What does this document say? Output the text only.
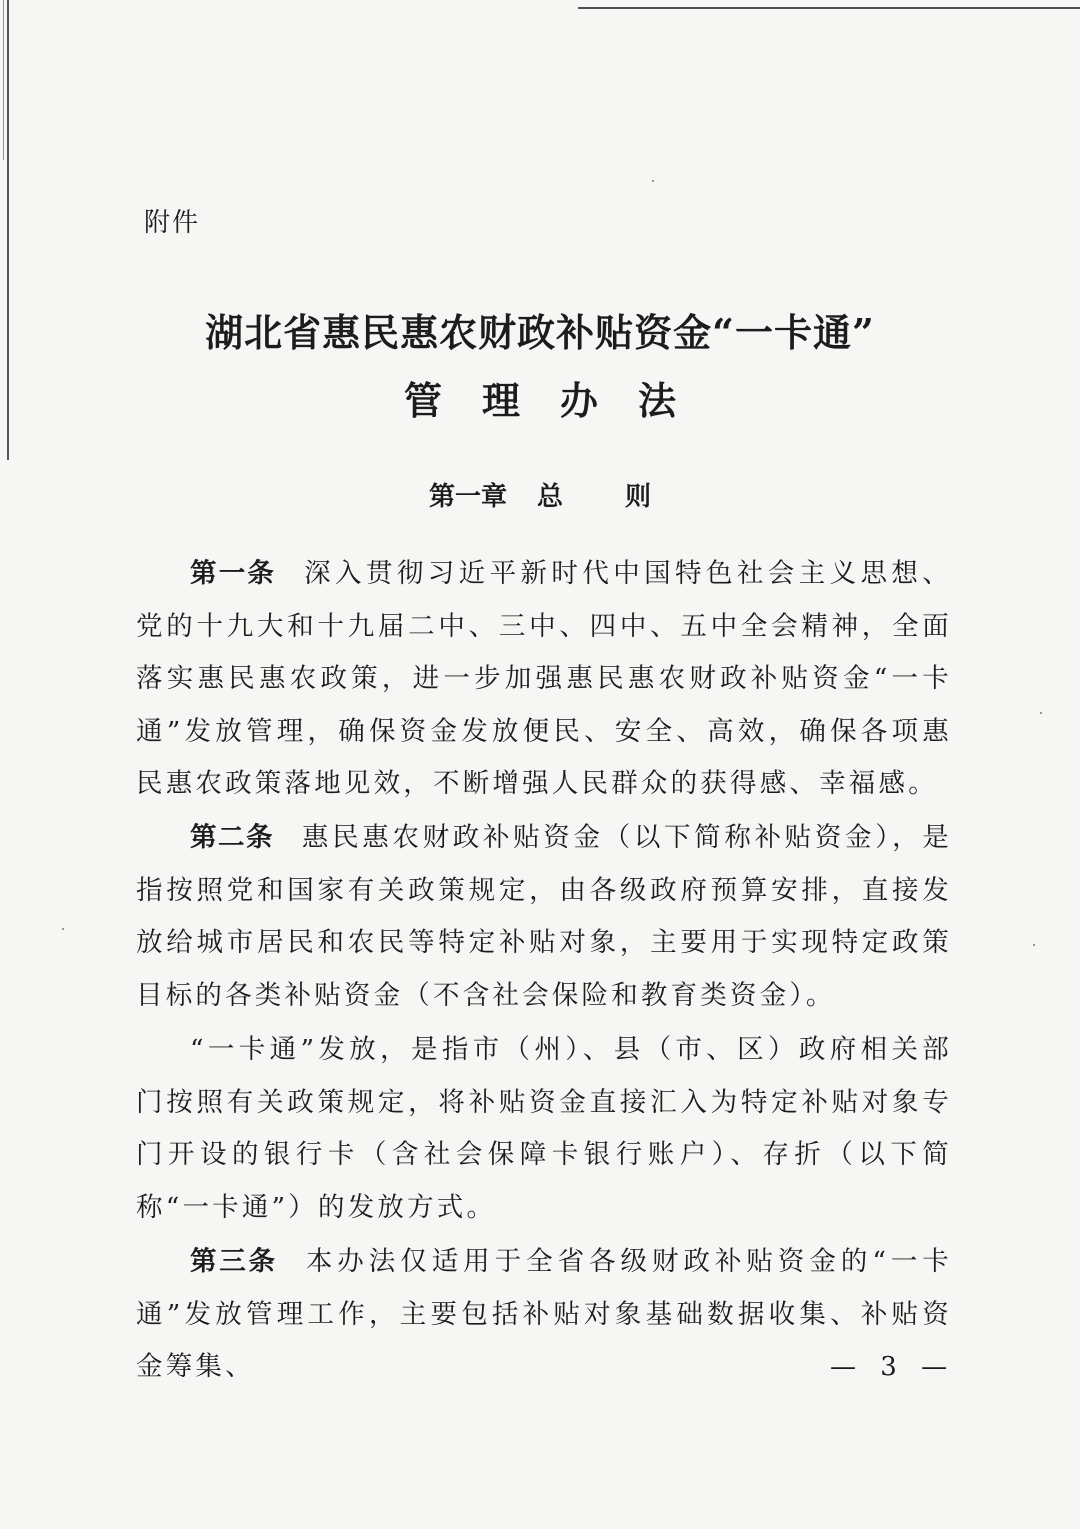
附件
湖北省惠民惠农财政补贴资金“一卡通”
管理办法
第一章 总 则
第一条 深入贯彻习近平新时代中国特色社会主义思想、党的十九大和十九届二中、三中、四中、五中全会精神，全面落实惠民惠农政策，进一步加强惠民惠农财政补贴资金“一卡通”发放管理，确保资金发放便民、安全、高效，确保各项惠民惠农政策落地见效，不断增强人民群众的获得感、幸福感。
第二条 惠民惠农财政补贴资金（以下简称补贴资金），是指按照党和国家有关政策规定，由各级政府预算安排，直接发放给城市居民和农民等特定补贴对象，主要用于实现特定政策目标的各类补贴资金（不含社会保险和教育类资金）。
“一卡通”发放，是指市（州）、县（市、区）政府相关部门按照有关政策规定，将补贴资金直接汇入为特定补贴对象专门开设的银行卡（含社会保障卡银行账户）、存折（以下简称“一卡通”）的发放方式。
第三条 本办法仅适用于全省各级财政补贴资金的“一卡通”发放管理工作，主要包括补贴对象基础数据收集、补贴资金筹集、	— 3 —
